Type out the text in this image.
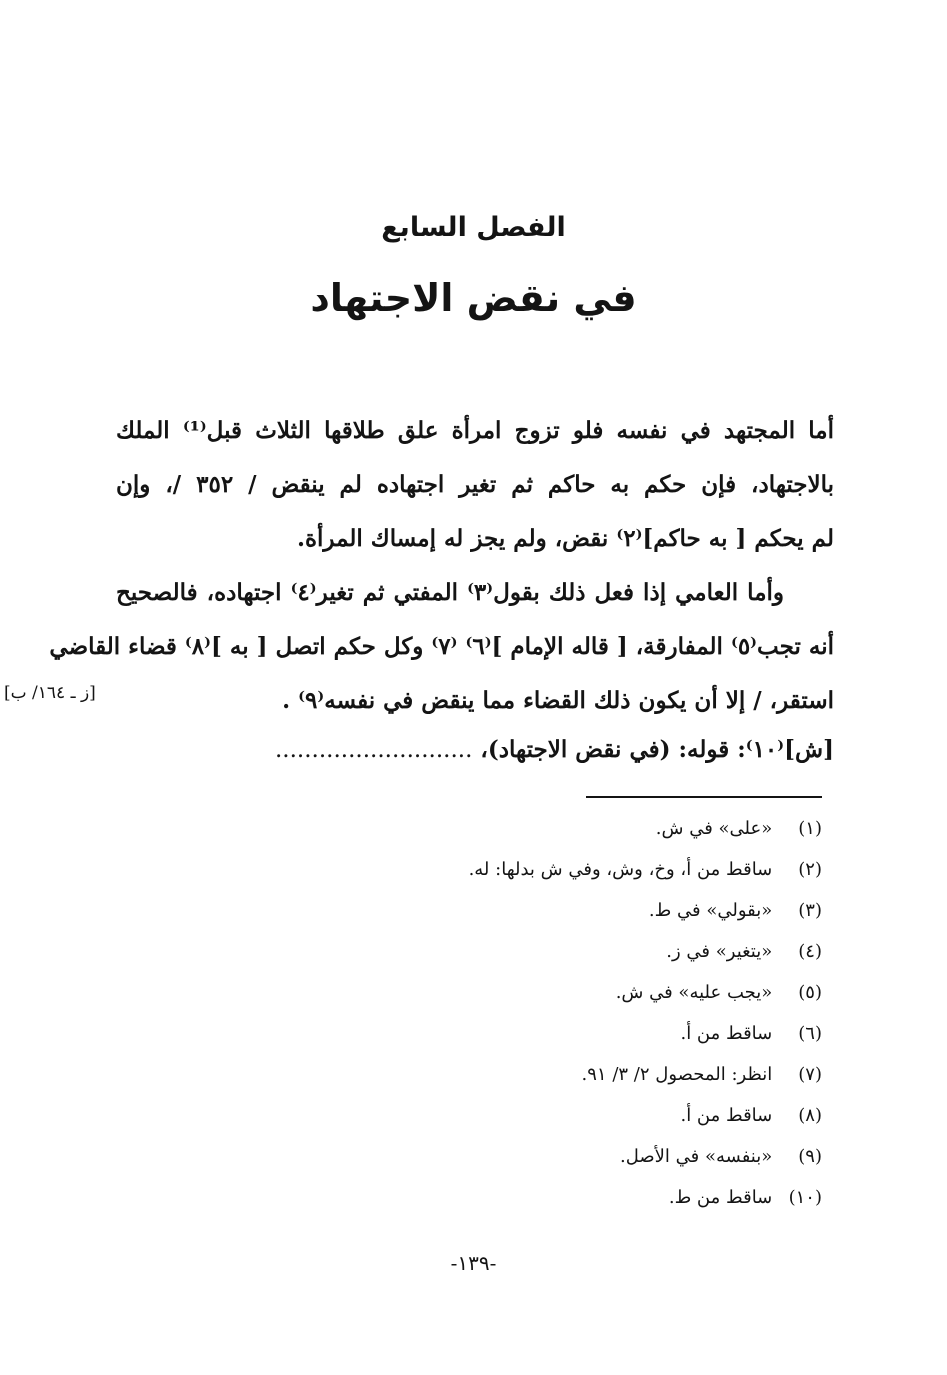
الفصل السابع
في نقض الاجتهاد
أما المجتهد في نفسه فلو تزوج امرأة علق طلاقها الثلاث قبل⁽¹⁾ الملك
بالاجتهاد، فإن حكم به حاكم ثم تغير اجتهاده لم ينقض / ٣٥٢ /، وإن
لم يحكم [ به حاكم]⁽٢⁾ نقض، ولم يجز له إمساك المرأة.
وأما العامي إذا فعل ذلك بقول⁽٣⁾ المفتي ثم تغير⁽٤⁾ اجتهاده، فالصحيح
أنه تجب⁽٥⁾ المفارقة، [ قاله الإمام ]⁽٦⁾ ⁽٧⁾ وكل حكم اتصل [ به ]⁽٨⁾ قضاء القاضي
استقر، / إلا أن يكون ذلك القضاء مما ينقض في نفسه⁽٩⁾ .
[ز ـ ١٦٤/ ب]
[ش]⁽١٠⁾: قوله: (في نقض الاجتهاد)، ...........................
(١) «على» في ش.
(٢) ساقط من أ، وخ، وش، وفي ش بدلها: له.
(٣) «بقولي» في ط.
(٤) «يتغير» في ز.
(٥) «يجب عليه» في ش.
(٦) ساقط من أ.
(٧) انظر: المحصول ٢/ ٣/ ٩١.
(٨) ساقط من أ.
(٩) «بنفسه» في الأصل.
(١٠) ساقط من ط.
-١٣٩-
